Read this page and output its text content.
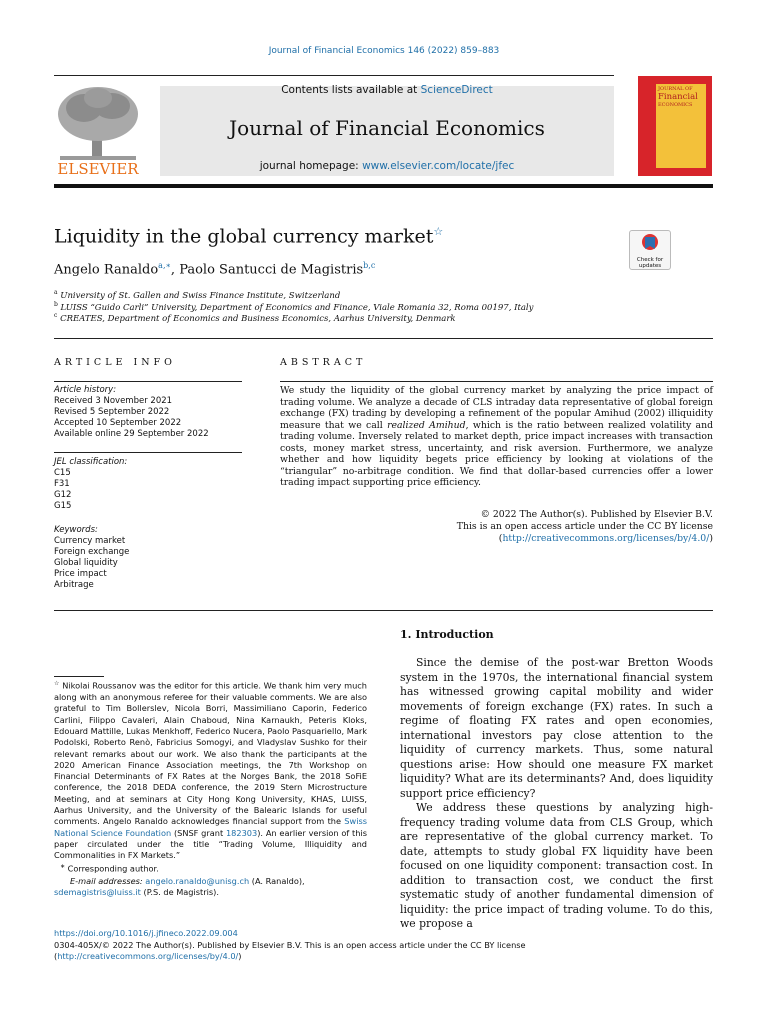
Journal of Financial Economics 146 (2022) 859–883
ELSEVIER
Contents lists available at ScienceDirect
Journal of Financial Economics
journal homepage: www.elsevier.com/locate/jfec
JOURNAL OF
Financial
ECONOMICS
Liquidity in the global currency market☆
Check for
updates
Angelo Ranaldo$^{a,∗}$, Paolo Santucci de Magistris$^{b,c}$
$^a$ University of St. Gallen and Swiss Finance Institute, Switzerland
$^b$ LUISS “Guido Carli” University, Department of Economics and Finance, Viale Romania 32, Roma 00197, Italy
$^c$ CREATES, Department of Economics and Business Economics, Aarhus University, Denmark
ARTICLE INFO	ABSTRACT
Article history:
Received 3 November 2021
Revised 5 September 2022
Accepted 10 September 2022
Available online 29 September 2022
JEL classification:
C15
F31
G12
G15
Keywords:
Currency market
Foreign exchange
Global liquidity
Price impact
Arbitrage
We study the liquidity of the global currency market by analyzing the price impact of trading volume. We analyze a decade of CLS intraday data representative of global foreign exchange (FX) trading by developing a refinement of the popular Amihud (2002) illiquidity measure that we call realized Amihud, which is the ratio between realized volatility and trading volume. Inversely related to market depth, price impact increases with transaction costs, money market stress, uncertainty, and risk aversion. Furthermore, we analyze whether and how liquidity begets price efficiency by looking at violations of the “triangular” no-arbitrage condition. We find that dollar-based currencies offer a lower trading impact supporting price efficiency.
© 2022 The Author(s). Published by Elsevier B.V.
This is an open access article under the CC BY license
(http://creativecommons.org/licenses/by/4.0/)
1. Introduction

Since the demise of the post-war Bretton Woods system in the 1970s, the international financial system has witnessed growing capital mobility and wider movements of foreign exchange (FX) rates. In such a regime of floating FX rates and open economies, international investors pay close attention to the liquidity of currency markets. Thus, some natural questions arise: How should one measure FX market liquidity? What are its determinants? And, does liquidity support price efficiency?

We address these questions by analyzing high-frequency trading volume data from CLS Group, which are representative of the global currency market. To date, attempts to study global FX liquidity have been focused on one liquidity component: transaction cost. In addition to transaction cost, we conduct the first systematic study of another fundamental dimension of liquidity: the price impact of trading volume. To do this, we propose a

☆ Nikolai Roussanov was the editor for this article. We thank him very much along with an anonymous referee for their valuable comments. We are also grateful to Tim Bollerslev, Nicola Borri, Massimiliano Caporin, Federico Carlini, Filippo Cavaleri, Alain Chaboud, Nina Karnaukh, Peteris Kloks, Edouard Mattille, Lukas Menkhoff, Federico Nucera, Paolo Pasquariello, Mark Podolski, Roberto Renò, Fabricius Somogyi, and Vladyslav Sushko for their relevant remarks about our work. We also thank the participants at the 2020 American Finance Association meetings, the 7th Workshop on Financial Determinants of FX Rates at the Norges Bank, the 2018 SoFiE conference, the 2018 DEDA conference, the 2019 Stern Microstructure Meeting, and at seminars at City Hong Kong University, KHAS, LUISS, Aarhus University, and the University of the Balearic Islands for useful comments. Angelo Ranaldo acknowledges financial support from the Swiss National Science Foundation (SNSF grant 182303). An earlier version of this paper circulated under the title “Trading Volume, Illiquidity and Commonalities in FX Markets.”

∗ Corresponding author.

E-mail addresses: angelo.ranaldo@unisg.ch (A. Ranaldo),
sdemagistris@luiss.it (P.S. de Magistris).

https://doi.org/10.1016/j.jfineco.2022.09.004
0304-405X/© 2022 The Author(s). Published by Elsevier B.V. This is an open access article under the CC BY license
(http://creativecommons.org/licenses/by/4.0/)
